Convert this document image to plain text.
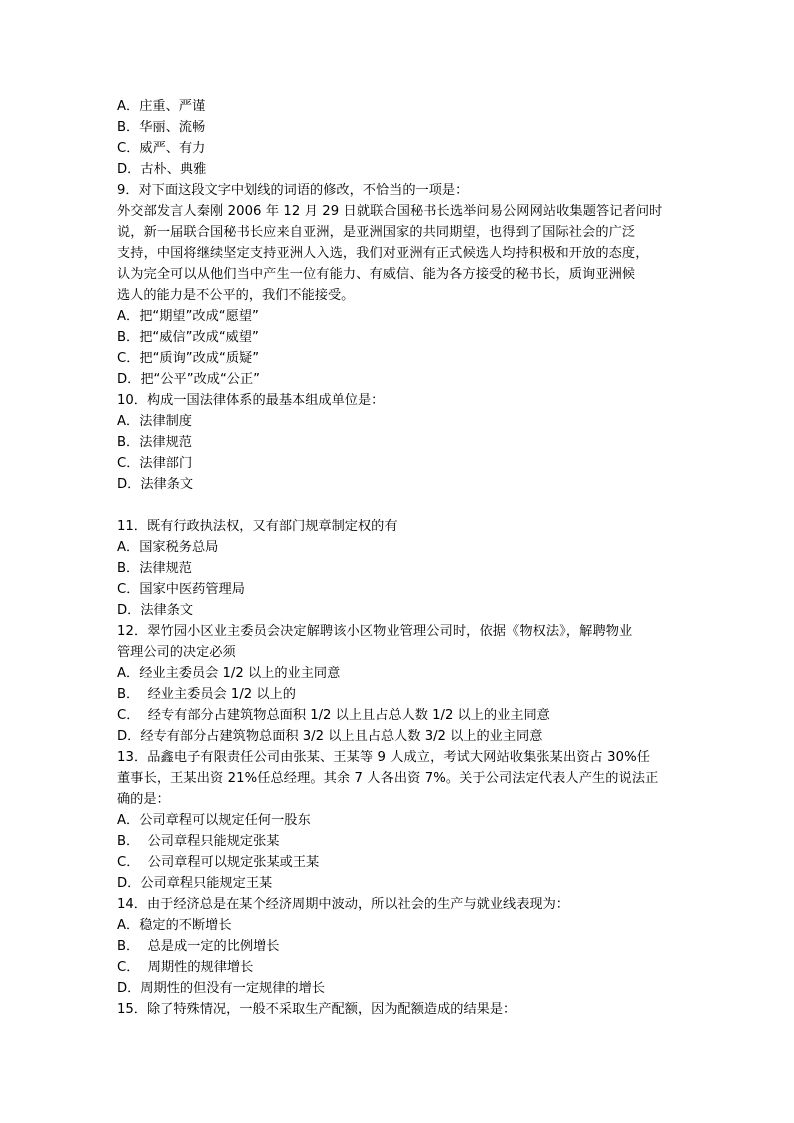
A．庄重、严谨
B．华丽、流畅
C．威严、有力
D．古朴、典雅
9．对下面这段文字中划线的词语的修改，不恰当的一项是：
外交部发言人秦刚 2006 年 12 月 29 日就联合国秘书长选举问易公网网站收集题答记者问时
说，新一届联合国秘书长应来自亚洲，是亚洲国家的共同期望，也得到了国际社会的广泛
支持，中国将继续坚定支持亚洲人入选，我们对亚洲有正式候选人均持积极和开放的态度，
认为完全可以从他们当中产生一位有能力、有威信、能为各方接受的秘书长，质询亚洲候
选人的能力是不公平的，我们不能接受。
A．把“期望”改成“愿望”
B．把“威信”改成“威望”
C．把“质询”改成“质疑”
D．把“公平”改成“公正”
10．构成一国法律体系的最基本组成单位是：
A．法律制度
B．法律规范
C．法律部门
D．法律条文
11．既有行政执法权，又有部门规章制定权的有
A．国家税务总局
B．法律规范
C．国家中医药管理局
D．法律条文
12．翠竹园小区业主委员会决定解聘该小区物业管理公司时，依据《物权法》，解聘物业
管理公司的决定必须
A．经业主委员会 1/2 以上的业主同意
B．  经业主委员会 1/2 以上的
C．  经专有部分占建筑物总面积 1/2 以上且占总人数 1/2 以上的业主同意
D．经专有部分占建筑物总面积 3/2 以上且占总人数 3/2 以上的业主同意
13．品鑫电子有限责任公司由张某、王某等 9 人成立，考试大网站收集张某出资占 30%任
董事长，王某出资 21%任总经理。其余 7 人各出资 7%。关于公司法定代表人产生的说法正
确的是：
A．公司章程可以规定任何一股东
B．  公司章程只能规定张某
C．  公司章程可以规定张某或王某
D．公司章程只能规定王某
14．由于经济总是在某个经济周期中波动，所以社会的生产与就业线表现为：
A．稳定的不断增长
B．  总是成一定的比例增长
C．  周期性的规律增长
D．周期性的但没有一定规律的增长
15．除了特殊情况，一般不采取生产配额，因为配额造成的结果是：
